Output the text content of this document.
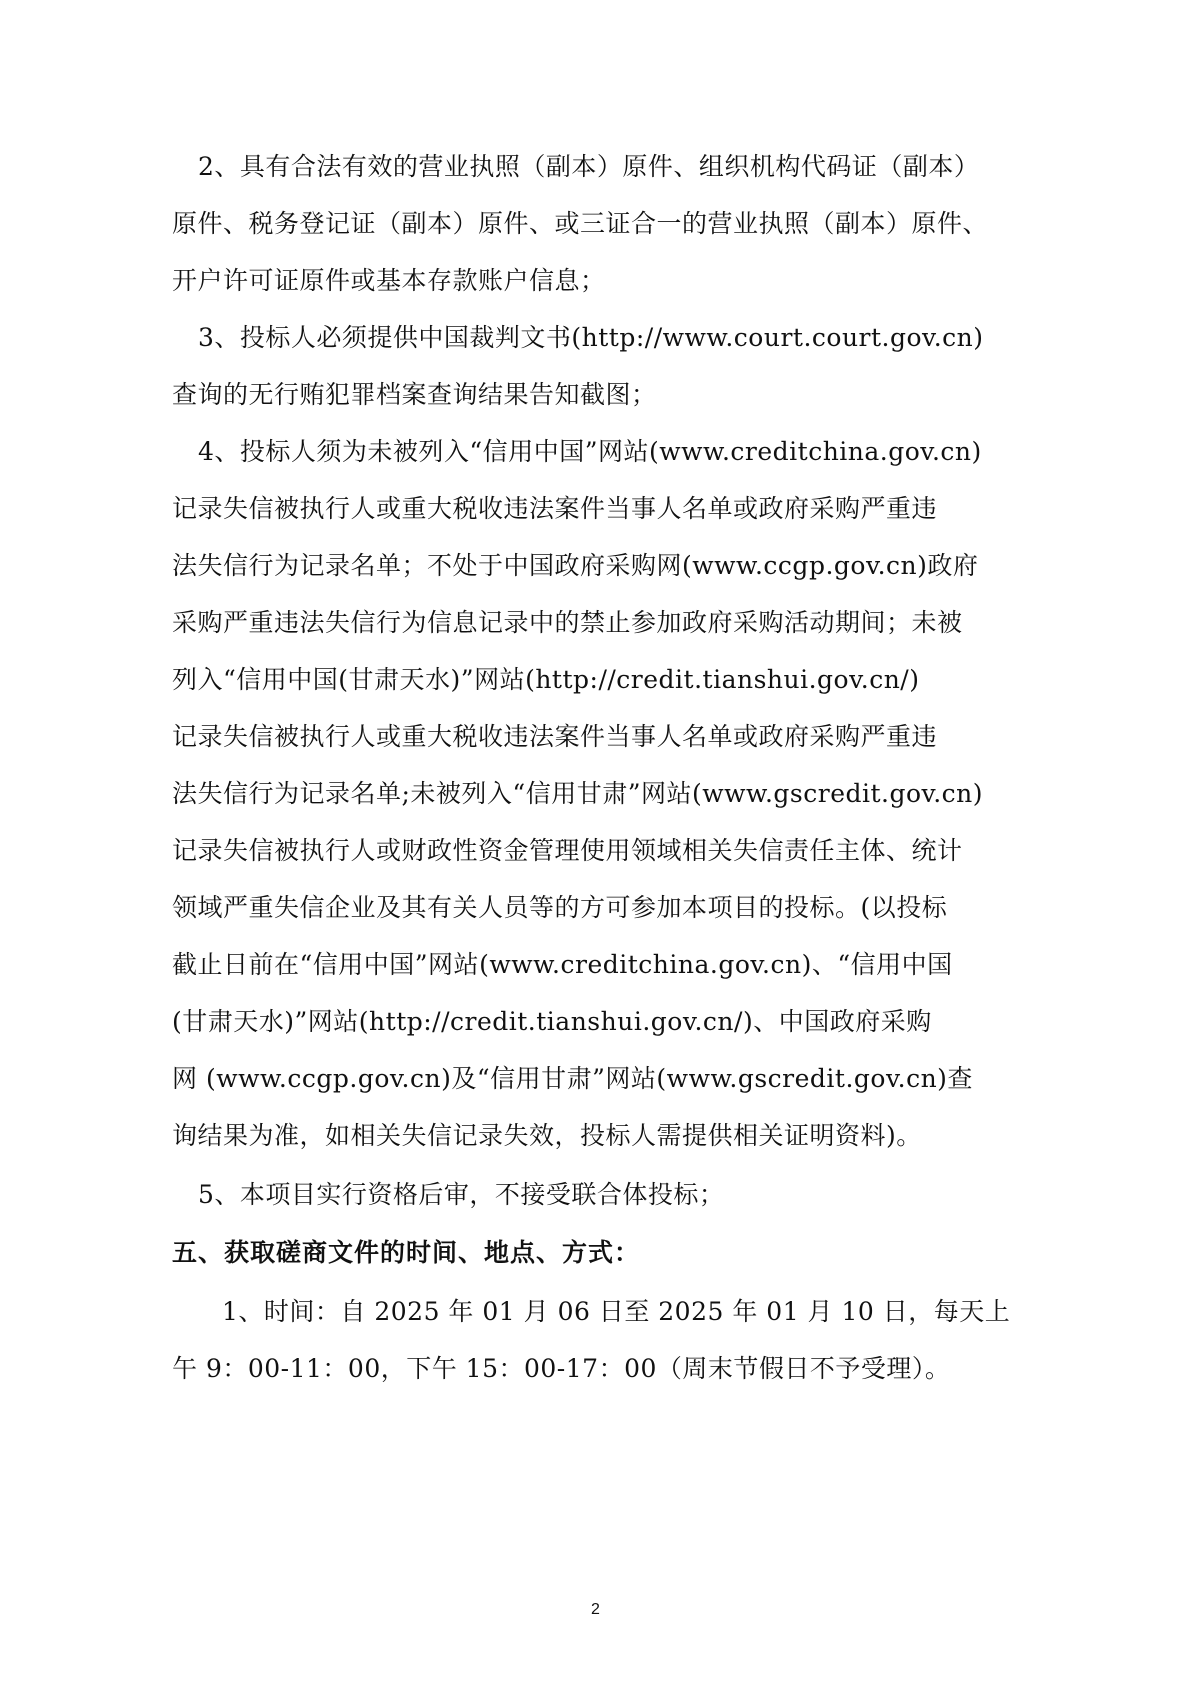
2、具有合法有效的营业执照（副本）原件、组织机构代码证（副本）
原件、税务登记证（副本）原件、或三证合一的营业执照（副本）原件、
开户许可证原件或基本存款账户信息；
3、投标人必须提供中国裁判文书(http://www.court.court.gov.cn)
查询的无行贿犯罪档案查询结果告知截图；
4、投标人须为未被列入“信用中国”网站(www.creditchina.gov.cn)
记录失信被执行人或重大税收违法案件当事人名单或政府采购严重违
法失信行为记录名单；不处于中国政府采购网(www.ccgp.gov.cn)政府
采购严重违法失信行为信息记录中的禁止参加政府采购活动期间；未被
列入“信用中国(甘肃天水)”网站(http://credit.tianshui.gov.cn/)
记录失信被执行人或重大税收违法案件当事人名单或政府采购严重违
法失信行为记录名单;未被列入“信用甘肃”网站(www.gscredit.gov.cn)
记录失信被执行人或财政性资金管理使用领域相关失信责任主体、统计
领域严重失信企业及其有关人员等的方可参加本项目的投标。(以投标
截止日前在“信用中国”网站(www.creditchina.gov.cn)、“信用中国
(甘肃天水)”网站(http://credit.tianshui.gov.cn/)、中国政府采购
网 (www.ccgp.gov.cn)及“信用甘肃”网站(www.gscredit.gov.cn)查
询结果为准，如相关失信记录失效，投标人需提供相关证明资料)。
5、本项目实行资格后审，不接受联合体投标；
五、获取磋商文件的时间、地点、方式：
1、时间：自 2025 年 01 月 06 日至 2025 年 01 月 10 日，每天上
午 9：00-11：00，下午 15：00-17：00（周末节假日不予受理）。
2
